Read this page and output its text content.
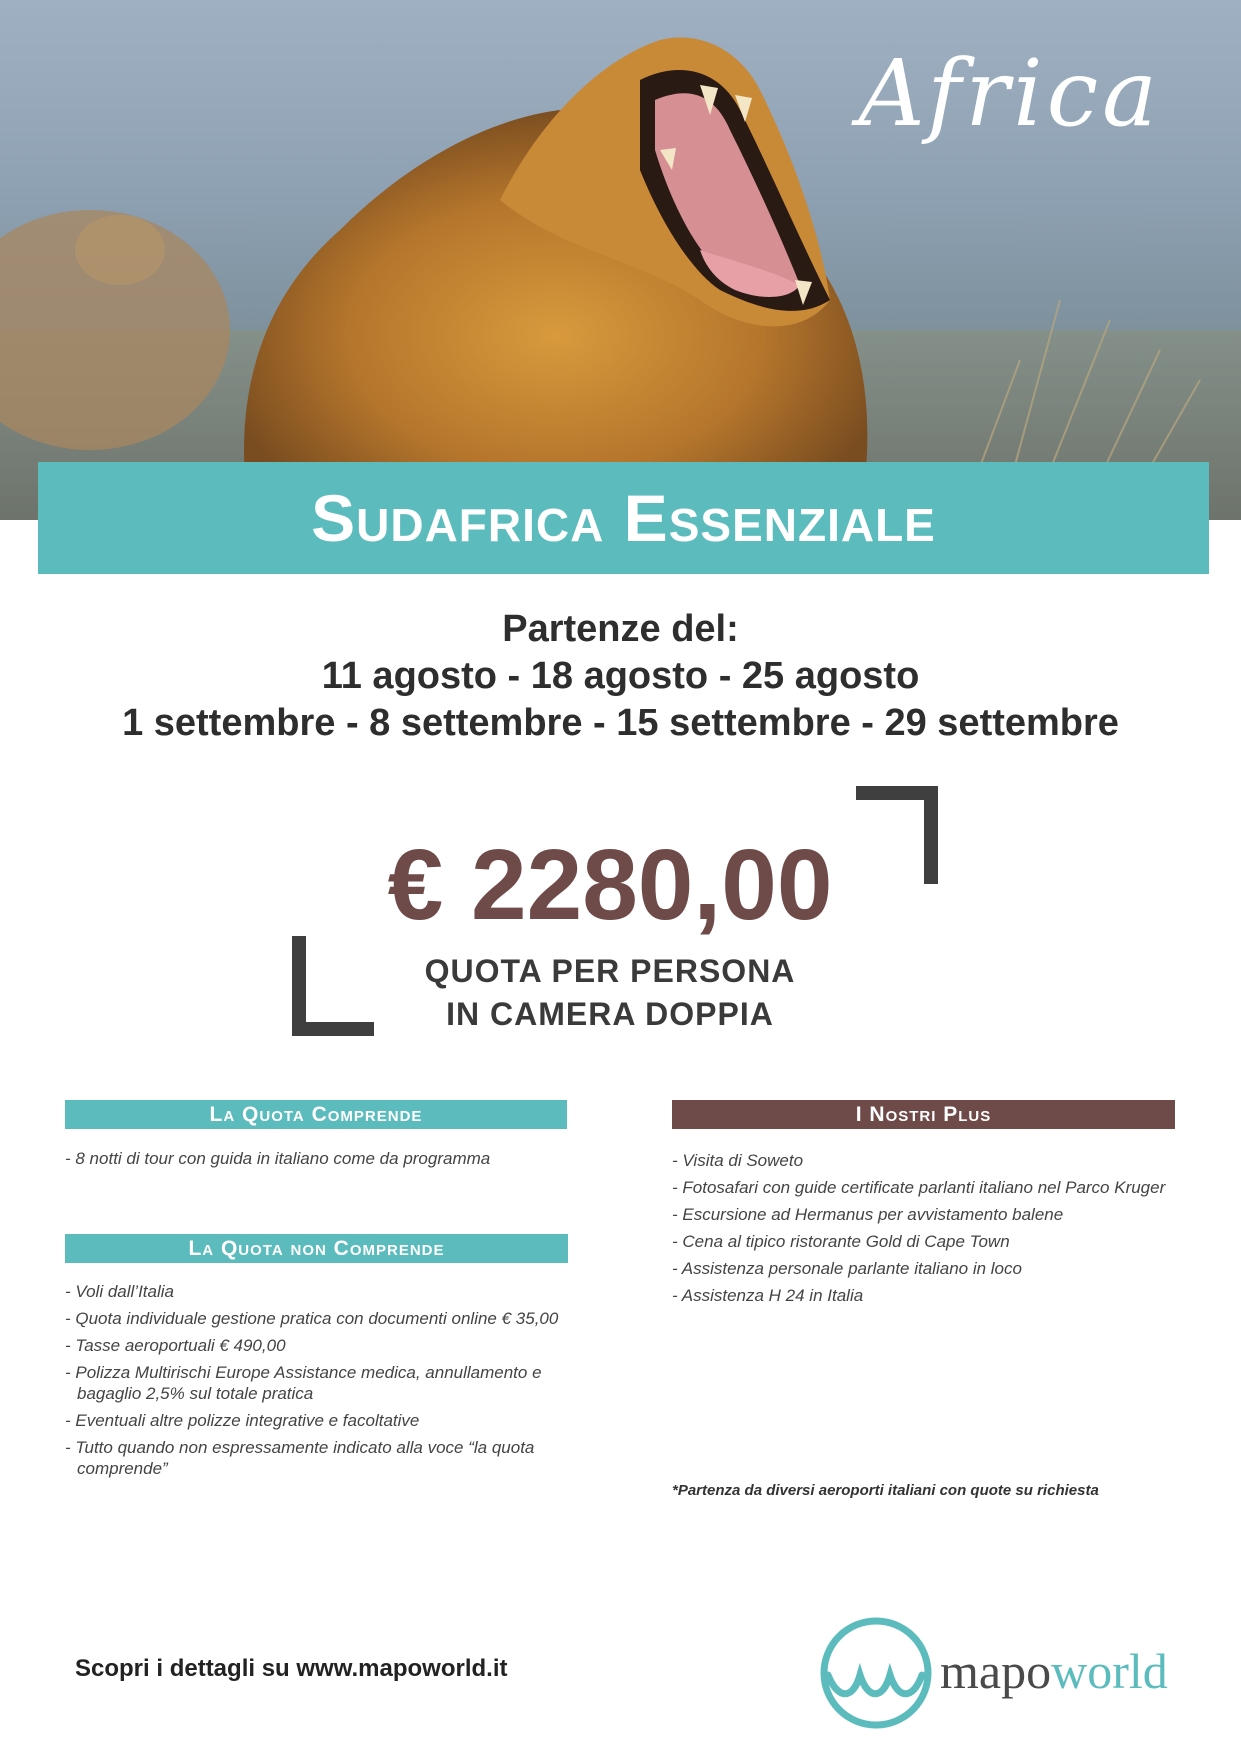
Africa
Sudafrica Essenziale
Partenze del:
11 agosto - 18 agosto - 25 agosto
1 settembre - 8 settembre - 15 settembre - 29 settembre
€ 2280,00
QUOTA PER PERSONA
IN CAMERA DOPPIA
La Quota Comprende
- 8 notti di tour con guida in italiano come da programma
La Quota non Comprende
- Voli dall’Italia
- Quota individuale gestione pratica con documenti online € 35,00
- Tasse aeroportuali € 490,00
- Polizza Multirischi Europe Assistance medica, annullamento e bagaglio 2,5% sul totale pratica
- Eventuali altre polizze integrative e facoltative
- Tutto quando non espressamente indicato alla voce “la quota comprende”
I Nostri Plus
- Visita di Soweto
- Fotosafari con guide certificate parlanti italiano nel Parco Kruger
- Escursione ad Hermanus per avvistamento balene
- Cena al tipico ristorante Gold di Cape Town
- Assistenza personale parlante italiano in loco
- Assistenza H 24 in Italia
*Partenza da diversi aeroporti italiani con quote su richiesta
Scopri i dettagli su www.mapoworld.it	mapoworld
